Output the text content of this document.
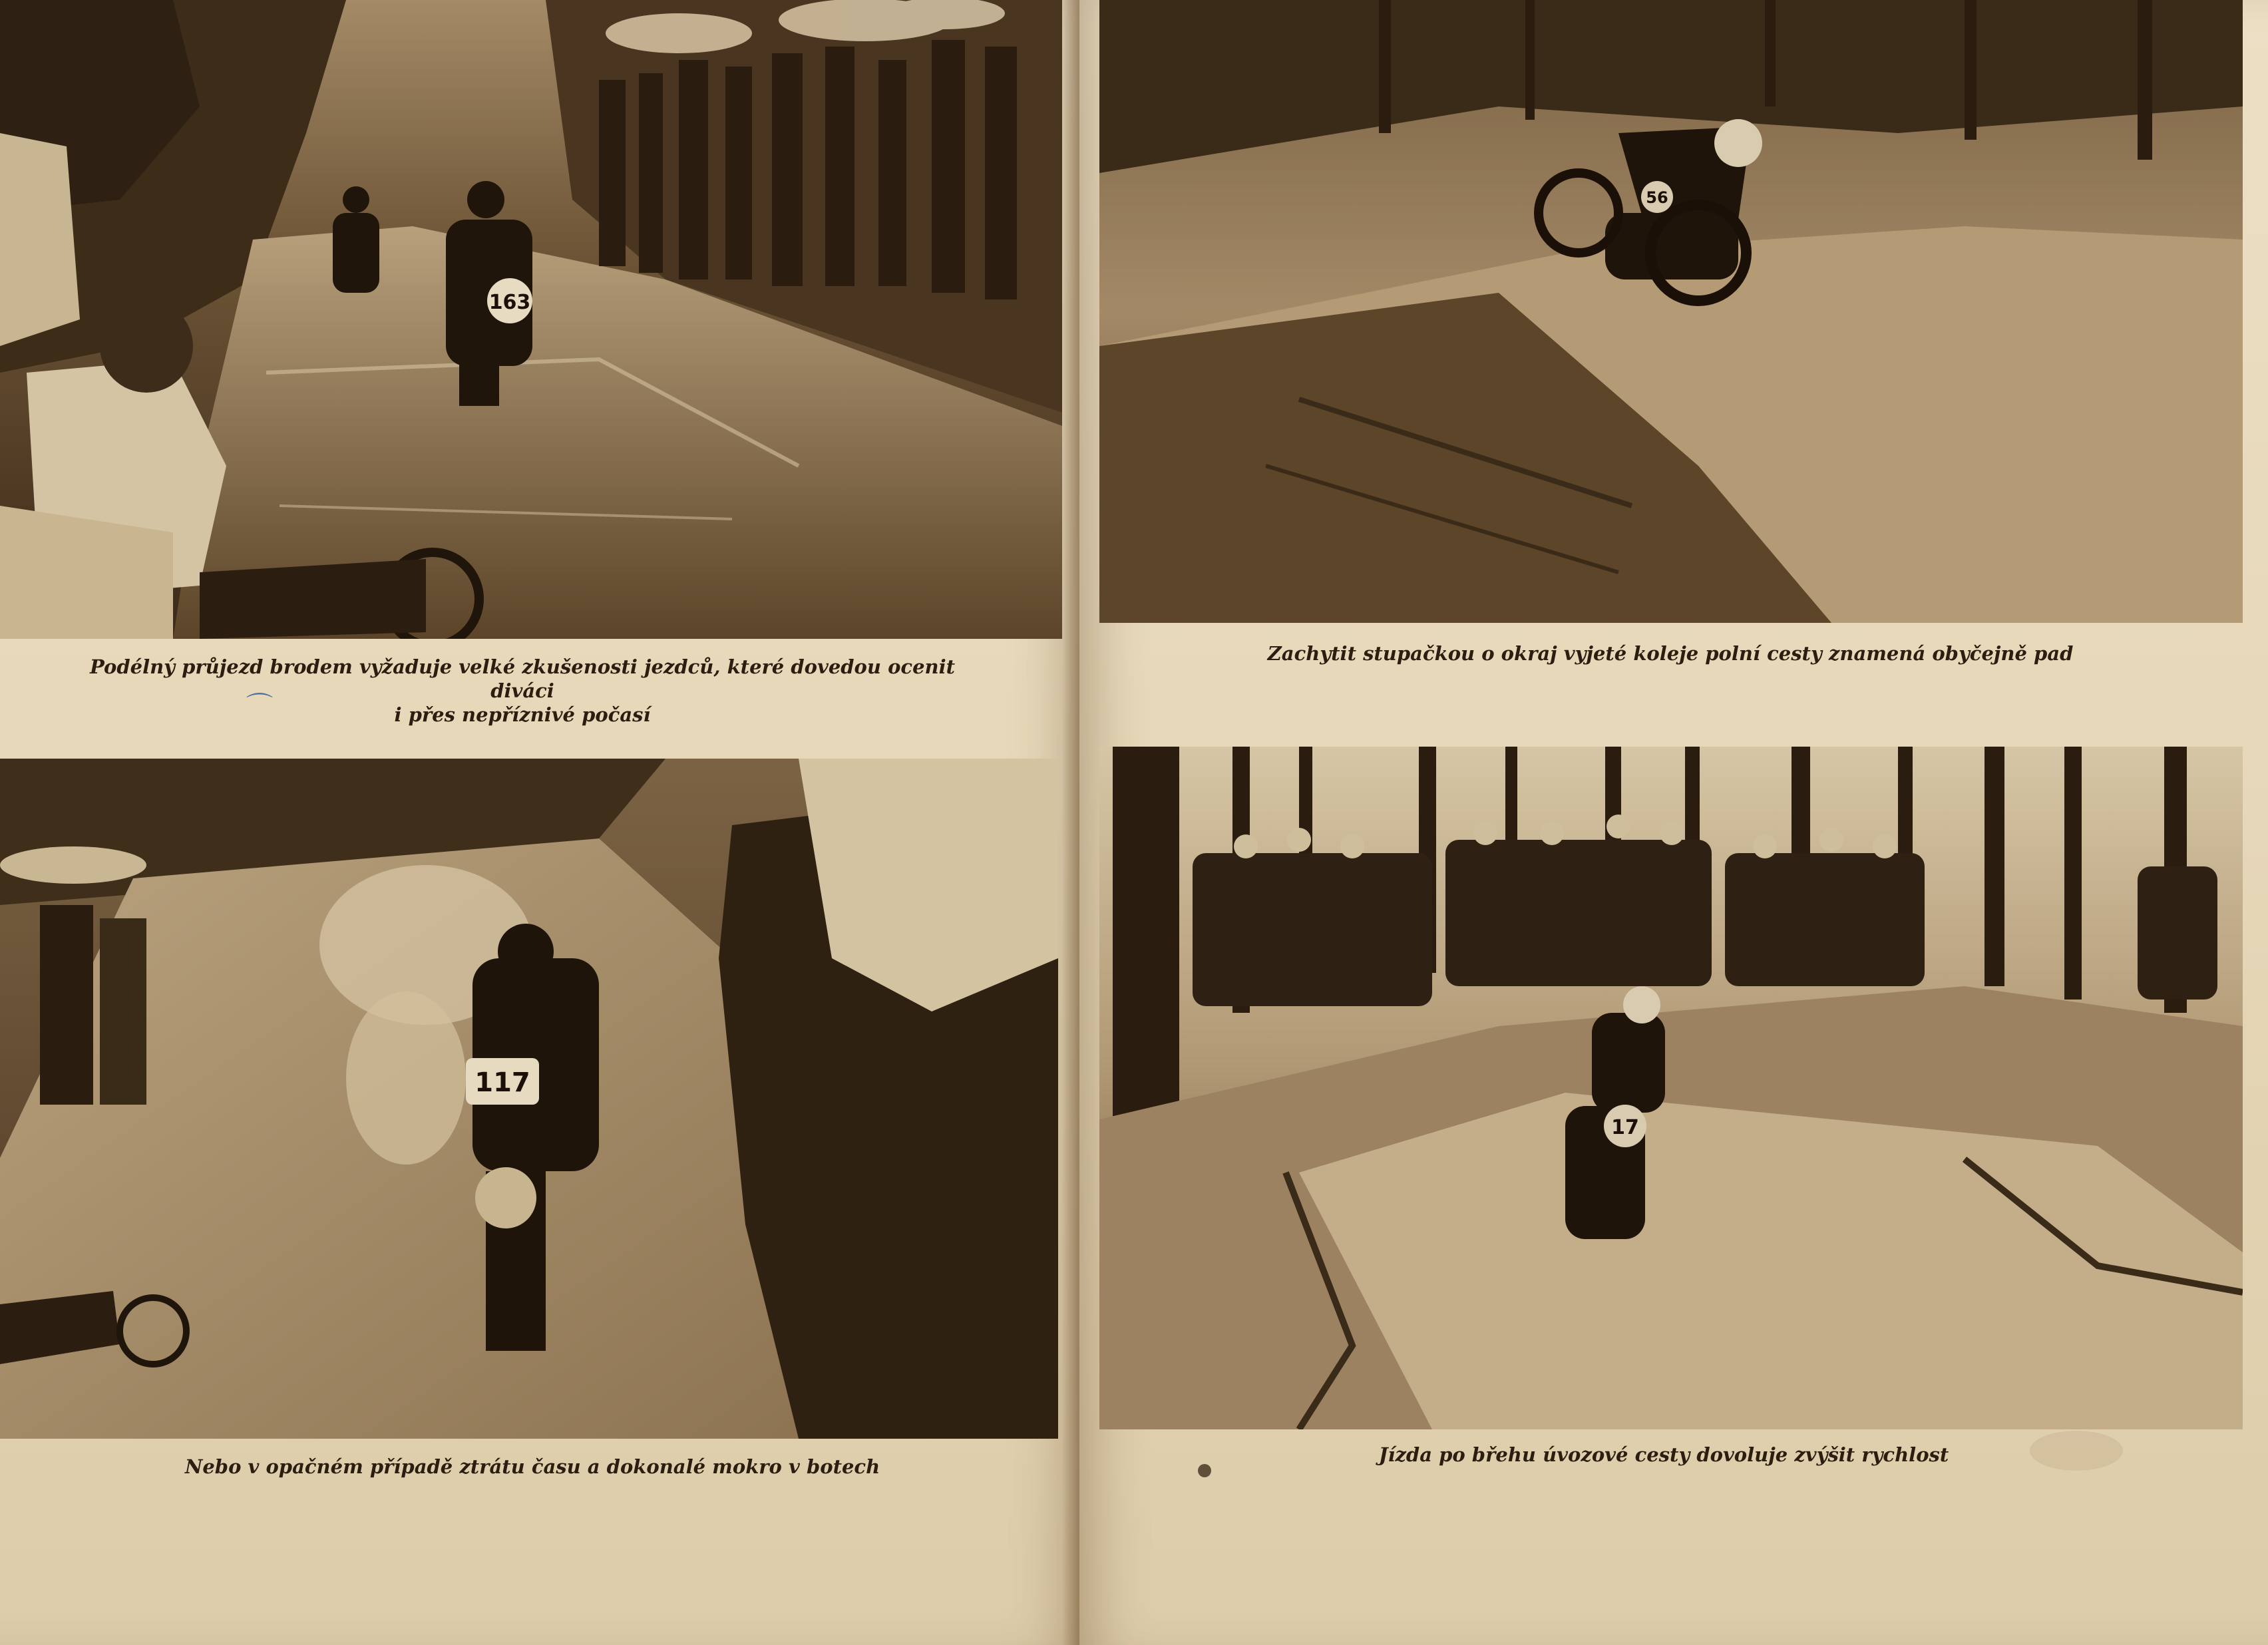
163
Podélný průjezd brodem vyžaduje velké zkušenosti jezdců, které dovedou ocenit diváci
i přes nepříznivé počasí
117
Nebo v opačném případě ztrátu času a dokonalé mokro v botech
⌒
56
Zachytit stupačkou o okraj vyjeté koleje polní cesty znamená obyčejně pad
17
Jízda po břehu úvozové cesty dovoluje zvýšit rychlost
